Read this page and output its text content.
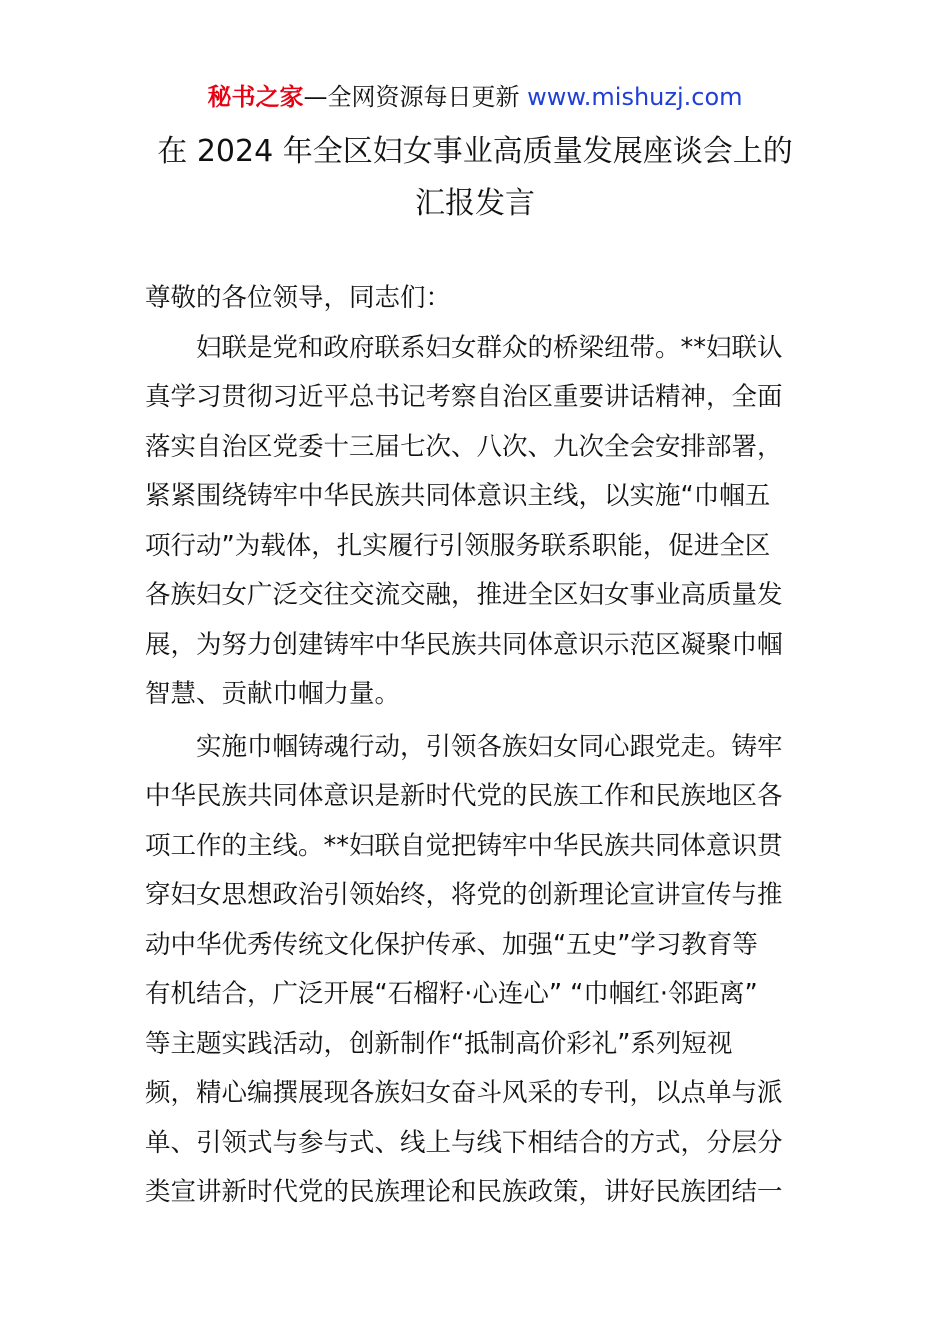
秘书之家—全网资源每日更新 www.mishuzj.com
在 2024 年全区妇女事业高质量发展座谈会上的
汇报发言
尊敬的各位领导，同志们：
妇联是党和政府联系妇女群众的桥梁纽带。**妇联认
真学习贯彻习近平总书记考察自治区重要讲话精神，全面
落实自治区党委十三届七次、八次、九次全会安排部署，
紧紧围绕铸牢中华民族共同体意识主线，以实施“巾帼五
项行动”为载体，扎实履行引领服务联系职能，促进全区
各族妇女广泛交往交流交融，推进全区妇女事业高质量发
展，为努力创建铸牢中华民族共同体意识示范区凝聚巾帼
智慧、贡献巾帼力量。
实施巾帼铸魂行动，引领各族妇女同心跟党走。铸牢
中华民族共同体意识是新时代党的民族工作和民族地区各
项工作的主线。**妇联自觉把铸牢中华民族共同体意识贯
穿妇女思想政治引领始终，将党的创新理论宣讲宣传与推
动中华优秀传统文化保护传承、加强“五史”学习教育等
有机结合，广泛开展“石榴籽·心连心” “巾帼红·邻距离”
等主题实践活动，创新制作“抵制高价彩礼”系列短视
频，精心编撰展现各族妇女奋斗风采的专刊，以点单与派
单、引领式与参与式、线上与线下相结合的方式，分层分
类宣讲新时代党的民族理论和民族政策，讲好民族团结一
